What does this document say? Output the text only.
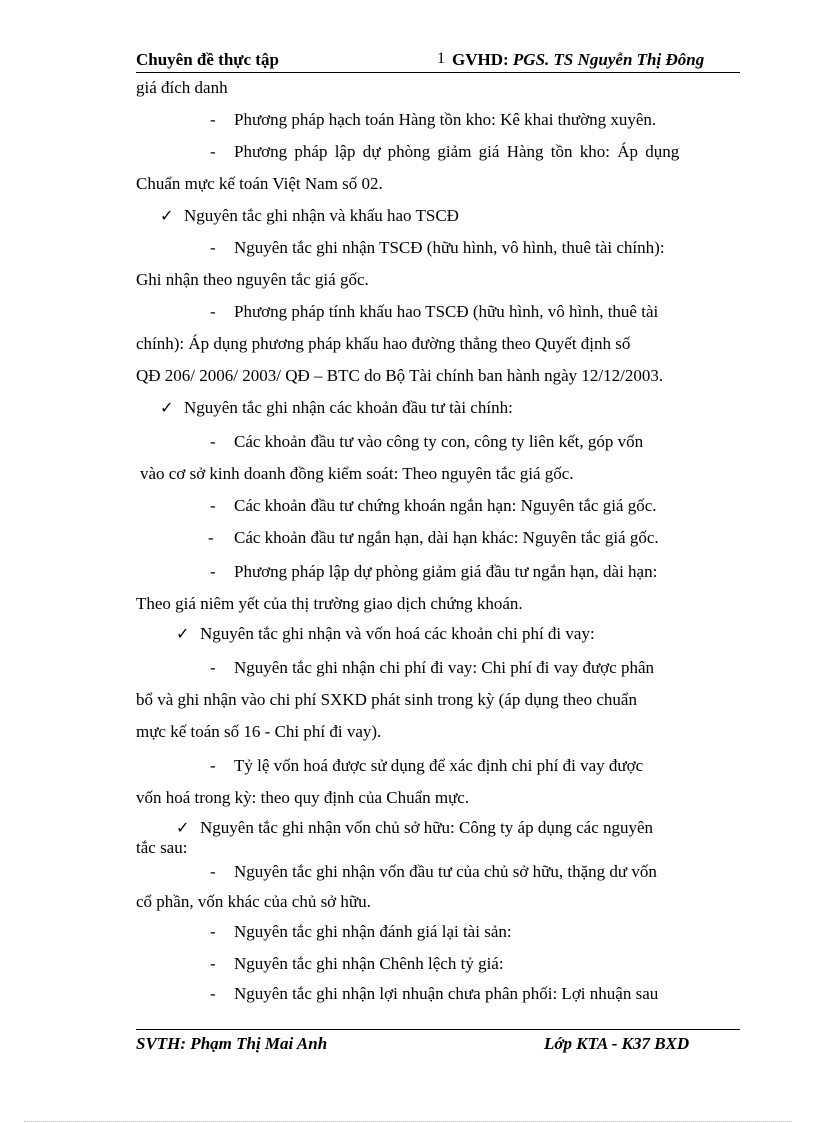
Chuyên đề thực tập	1 GVHD: PGS. TS Nguyễn Thị Đông
giá đích danh
- Phương pháp hạch toán Hàng tồn kho: Kê khai thường xuyên.
- Phương pháp lập dự phòng giảm giá Hàng tồn kho: Áp dụng
Chuẩn mực kế toán Việt Nam số 02.
✓ Nguyên tắc ghi nhận và khấu hao TSCĐ
- Nguyên tắc ghi nhận TSCĐ (hữu hình, vô hình, thuê tài chính):
Ghi nhận theo nguyên tắc giá gốc.
- Phương pháp tính khấu hao TSCĐ (hữu hình, vô hình, thuê tài
chính): Áp dụng phương pháp khấu hao đường thẳng theo Quyết định số
QĐ 206/ 2006/ 2003/ QĐ – BTC do Bộ Tài chính ban hành ngày 12/12/2003.
✓ Nguyên tắc ghi nhận các khoản đầu tư tài chính:
- Các khoản đầu tư vào công ty con, công ty liên kết, góp vốn
vào cơ sở kinh doanh đồng kiểm soát: Theo nguyên tắc giá gốc.
- Các khoản đầu tư chứng khoán ngắn hạn: Nguyên tắc giá gốc.
- Các khoản đầu tư ngắn hạn, dài hạn khác: Nguyên tắc giá gốc.
- Phương pháp lập dự phòng giảm giá đầu tư ngắn hạn, dài hạn:
Theo giá niêm yết của thị trường giao dịch chứng khoán.
✓ Nguyên tắc ghi nhận và vốn hoá các khoản chi phí đi vay:
- Nguyên tắc ghi nhận chi phí đi vay: Chi phí đi vay được phân
bổ và ghi nhận vào chi phí SXKD phát sinh trong kỳ (áp dụng theo chuẩn
mực kế toán số 16 - Chi phí đi vay).
- Tỷ lệ vốn hoá được sử dụng để xác định chi phí đi vay được
vốn hoá trong kỳ: theo quy định của Chuẩn mực.
✓ Nguyên tắc ghi nhận vốn chủ sở hữu: Công ty áp dụng các nguyên
tắc sau:
- Nguyên tắc ghi nhận vốn đầu tư của chủ sở hữu, thặng dư vốn
cổ phần, vốn khác của chủ sở hữu.
- Nguyên tắc ghi nhận đánh giá lại tài sản:
- Nguyên tắc ghi nhận Chênh lệch tỷ giá:
- Nguyên tắc ghi nhận lợi nhuận chưa phân phối: Lợi nhuận sau
SVTH: Phạm Thị Mai Anh	Lớp KTA - K37 BXD
